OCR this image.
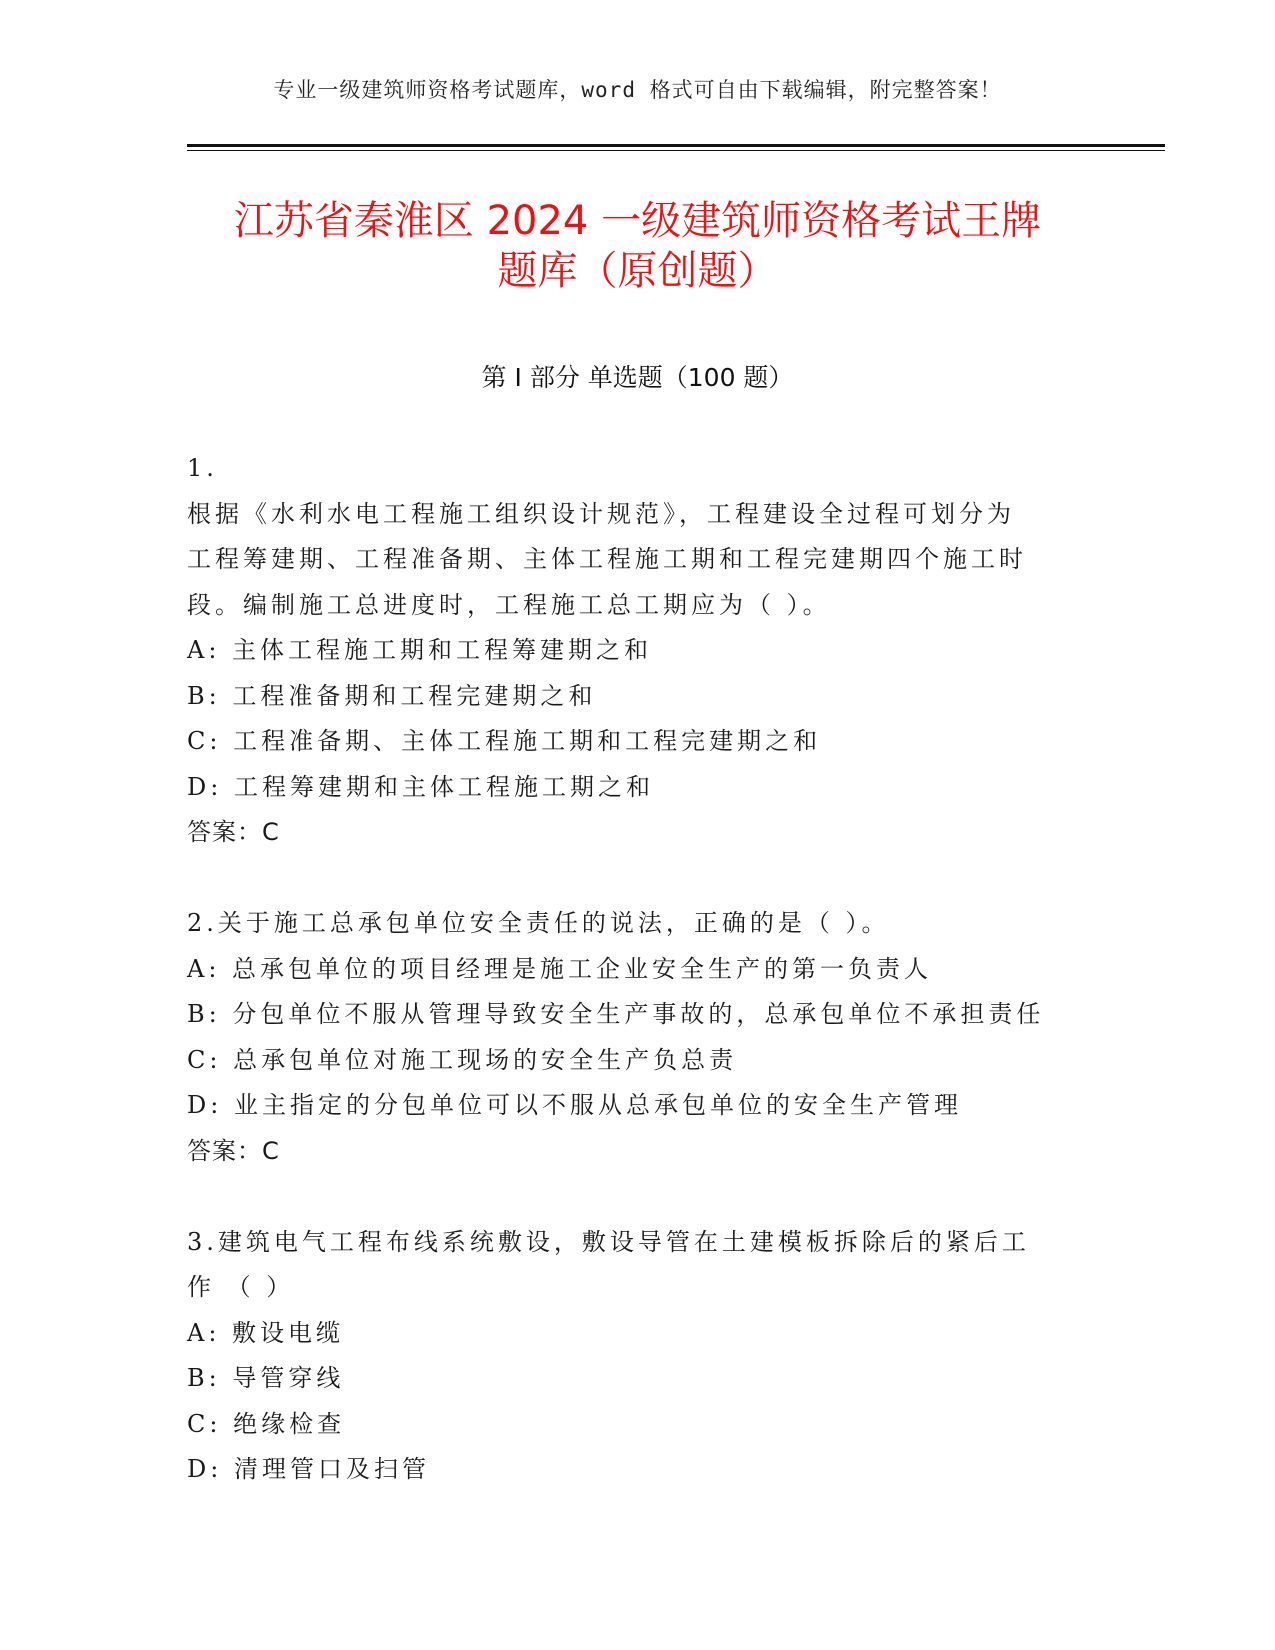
专业一级建筑师资格考试题库，word 格式可自由下载编辑，附完整答案！
江苏省秦淮区 2024 一级建筑师资格考试王牌
题库（原创题）
第 I 部分 单选题（100 题）
1.
根据《水利水电工程施工组织设计规范》，工程建设全过程可划分为
工程筹建期、工程准备期、主体工程施工期和工程完建期四个施工时
段。编制施工总进度时，工程施工总工期应为（ ）。
A: 主体工程施工期和工程筹建期之和
B: 工程准备期和工程完建期之和
C: 工程准备期、主体工程施工期和工程完建期之和
D: 工程筹建期和主体工程施工期之和
答案：C
2.关于施工总承包单位安全责任的说法，正确的是（ ）。
A: 总承包单位的项目经理是施工企业安全生产的第一负责人
B: 分包单位不服从管理导致安全生产事故的，总承包单位不承担责任
C: 总承包单位对施工现场的安全生产负总责
D: 业主指定的分包单位可以不服从总承包单位的安全生产管理
答案：C
3.建筑电气工程布线系统敷设，敷设导管在土建模板拆除后的紧后工
作 （ ）
A: 敷设电缆
B: 导管穿线
C: 绝缘检查
D: 清理管口及扫管
